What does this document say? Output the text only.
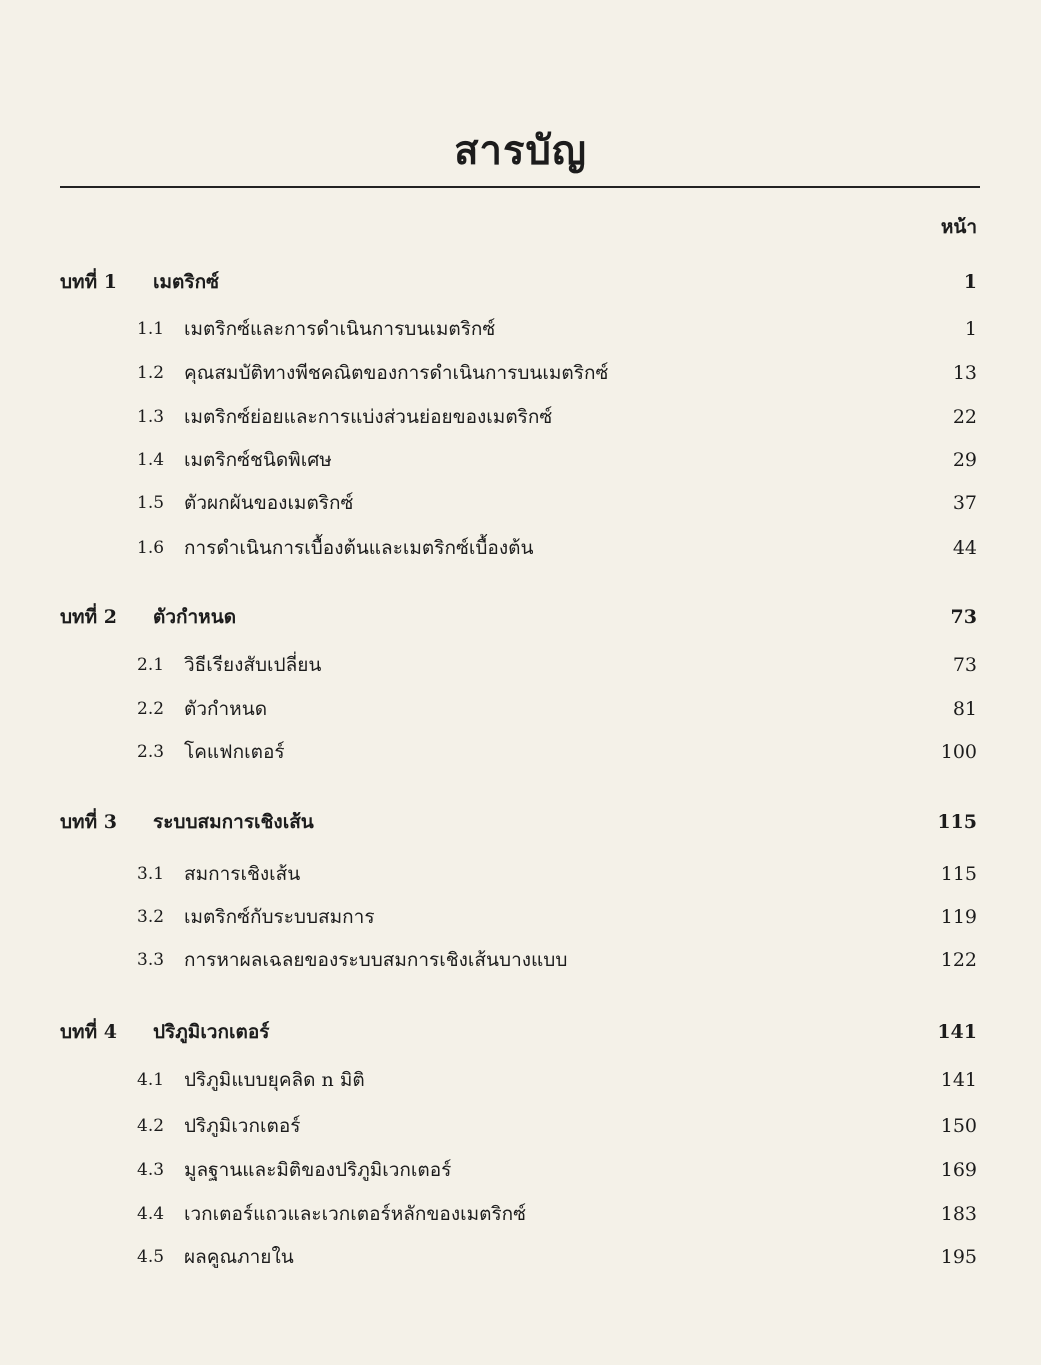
สารบัญ
หน้า
บทที่ 1	เมตริกซ์	1
1.1	เมตริกซ์และการดำเนินการบนเมตริกซ์	1
1.2	คุณสมบัติทางพีชคณิตของการดำเนินการบนเมตริกซ์	13
1.3	เมตริกซ์ย่อยและการแบ่งส่วนย่อยของเมตริกซ์	22
1.4	เมตริกซ์ชนิดพิเศษ	29
1.5	ตัวผกผันของเมตริกซ์	37
1.6	การดำเนินการเบื้องต้นและเมตริกซ์เบื้องต้น	44
บทที่ 2	ตัวกำหนด	73
2.1	วิธีเรียงสับเปลี่ยน	73
2.2	ตัวกำหนด	81
2.3	โคแฟกเตอร์	100
บทที่ 3	ระบบสมการเชิงเส้น	115
3.1	สมการเชิงเส้น	115
3.2	เมตริกซ์กับระบบสมการ	119
3.3	การหาผลเฉลยของระบบสมการเชิงเส้นบางแบบ	122
บทที่ 4	ปริภูมิเวกเตอร์	141
4.1	ปริภูมิแบบยุคลิด n มิติ	141
4.2	ปริภูมิเวกเตอร์	150
4.3	มูลฐานและมิติของปริภูมิเวกเตอร์	169
4.4	เวกเตอร์แถวและเวกเตอร์หลักของเมตริกซ์	183
4.5	ผลคูณภายใน	195
